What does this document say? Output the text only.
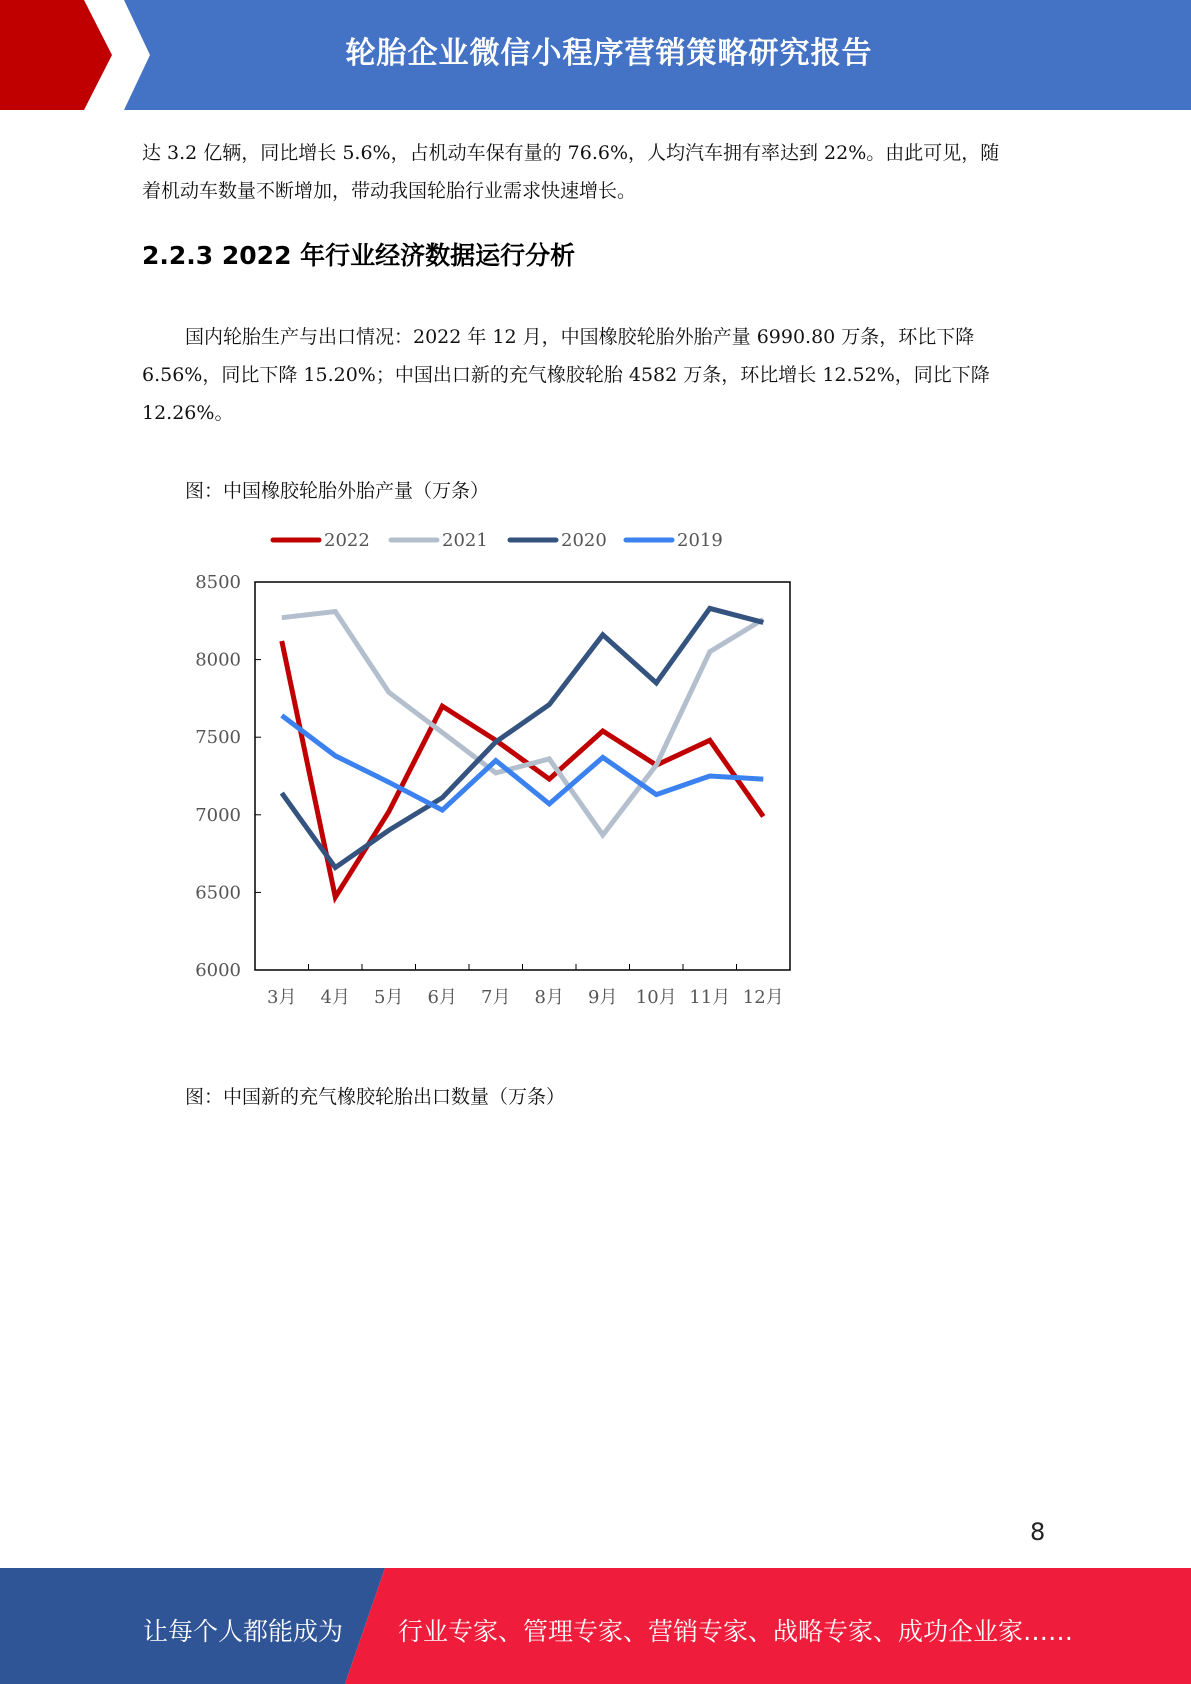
轮胎企业微信小程序营销策略研究报告

达 3.2 亿辆，同比增长 5.6%，占机动车保有量的 76.6%，人均汽车拥有率达到 22%。由此可见，随
着机动车数量不断增加，带动我国轮胎行业需求快速增长。

2.2.3 2022 年行业经济数据运行分析

国内轮胎生产与出口情况：2022 年 12 月，中国橡胶轮胎外胎产量 6990.80 万条，环比下降
6.56%，同比下降 15.20%；中国出口新的充气橡胶轮胎 4582 万条，环比增长 12.52%，同比下降
12.26%。

图：中国橡胶轮胎外胎产量（万条）

6000
6500
7000
7500
8000
8500
3月 4月 5月 6月 7月 8月 9月 10月 11月 12月
2022	2021	2020	2019

图：中国新的充气橡胶轮胎出口数量（万条）

8
让每个人都能成为 行业专家、管理专家、营销专家、战略专家、成功企业家……
